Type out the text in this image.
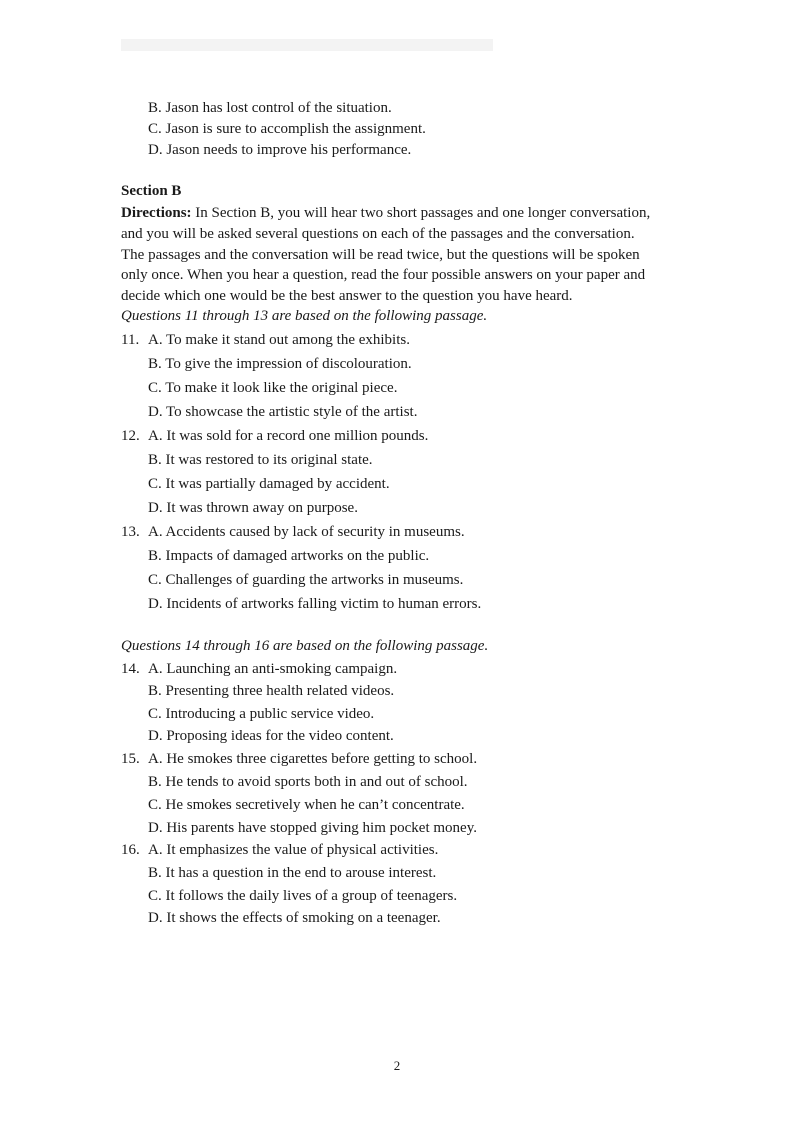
B. Jason has lost control of the situation.
C. Jason is sure to accomplish the assignment.
D. Jason needs to improve his performance.
Section B
Directions: In Section B, you will hear two short passages and one longer conversation,
and you will be asked several questions on each of the passages and the conversation.
The passages and the conversation will be read twice, but the questions will be spoken
only once. When you hear a question, read the four possible answers on your paper and
decide which one would be the best answer to the question you have heard.
Questions 11 through 13 are based on the following passage.
11. A. To make it stand out among the exhibits.
B. To give the impression of discolouration.
C. To make it look like the original piece.
D. To showcase the artistic style of the artist.
12. A. It was sold for a record one million pounds.
B. It was restored to its original state.
C. It was partially damaged by accident.
D. It was thrown away on purpose.
13. A. Accidents caused by lack of security in museums.
B. Impacts of damaged artworks on the public.
C. Challenges of guarding the artworks in museums.
D. Incidents of artworks falling victim to human errors.
Questions 14 through 16 are based on the following passage.
14. A. Launching an anti-smoking campaign.
B. Presenting three health related videos.
C. Introducing a public service video.
D. Proposing ideas for the video content.
15. A. He smokes three cigarettes before getting to school.
B. He tends to avoid sports both in and out of school.
C. He smokes secretively when he can’t concentrate.
D. His parents have stopped giving him pocket money.
16. A. It emphasizes the value of physical activities.
B. It has a question in the end to arouse interest.
C. It follows the daily lives of a group of teenagers.
D. It shows the effects of smoking on a teenager.
2
